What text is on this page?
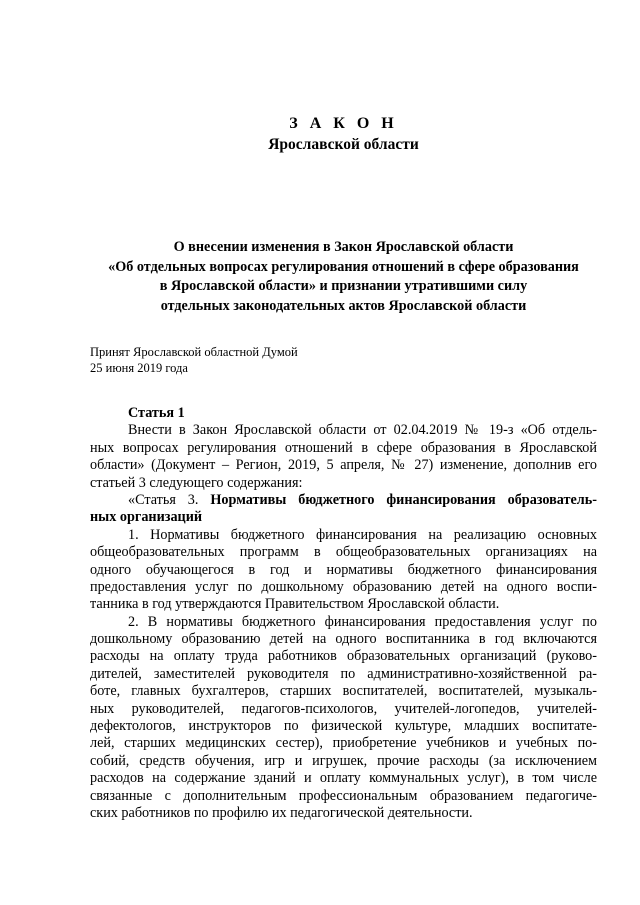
З А К О Н
Ярославской области
О внесении изменения в Закон Ярославской области
«Об отдельных вопросах регулирования отношений в сфере образования
в Ярославской области» и признании утратившими силу
отдельных законодательных актов Ярославской области
Принят Ярославской областной Думой
25 июня 2019 года
Статья 1
Внести в Закон Ярославской области от 02.04.2019 № 19-з «Об отдель-
ных вопросах регулирования отношений в сфере образования в Ярославской
области» (Документ – Регион, 2019, 5 апреля, № 27) изменение, дополнив его
статьей 3 следующего содержания:
«Статья 3. Нормативы бюджетного финансирования образователь-
ных организаций
1. Нормативы бюджетного финансирования на реализацию основных
общеобразовательных программ в общеобразовательных организациях на
одного обучающегося в год и нормативы бюджетного финансирования
предоставления услуг по дошкольному образованию детей на одного воспи-
танника в год утверждаются Правительством Ярославской области.
2. В нормативы бюджетного финансирования предоставления услуг по
дошкольному образованию детей на одного воспитанника в год включаются
расходы на оплату труда работников образовательных организаций (руково-
дителей, заместителей руководителя по административно-хозяйственной ра-
боте, главных бухгалтеров, старших воспитателей, воспитателей, музыкаль-
ных руководителей, педагогов-психологов, учителей-логопедов, учителей-
дефектологов, инструкторов по физической культуре, младших воспитате-
лей, старших медицинских сестер), приобретение учебников и учебных по-
собий, средств обучения, игр и игрушек, прочие расходы (за исключением
расходов на содержание зданий и оплату коммунальных услуг), в том числе
связанные с дополнительным профессиональным образованием педагогиче-
ских работников по профилю их педагогической деятельности.
